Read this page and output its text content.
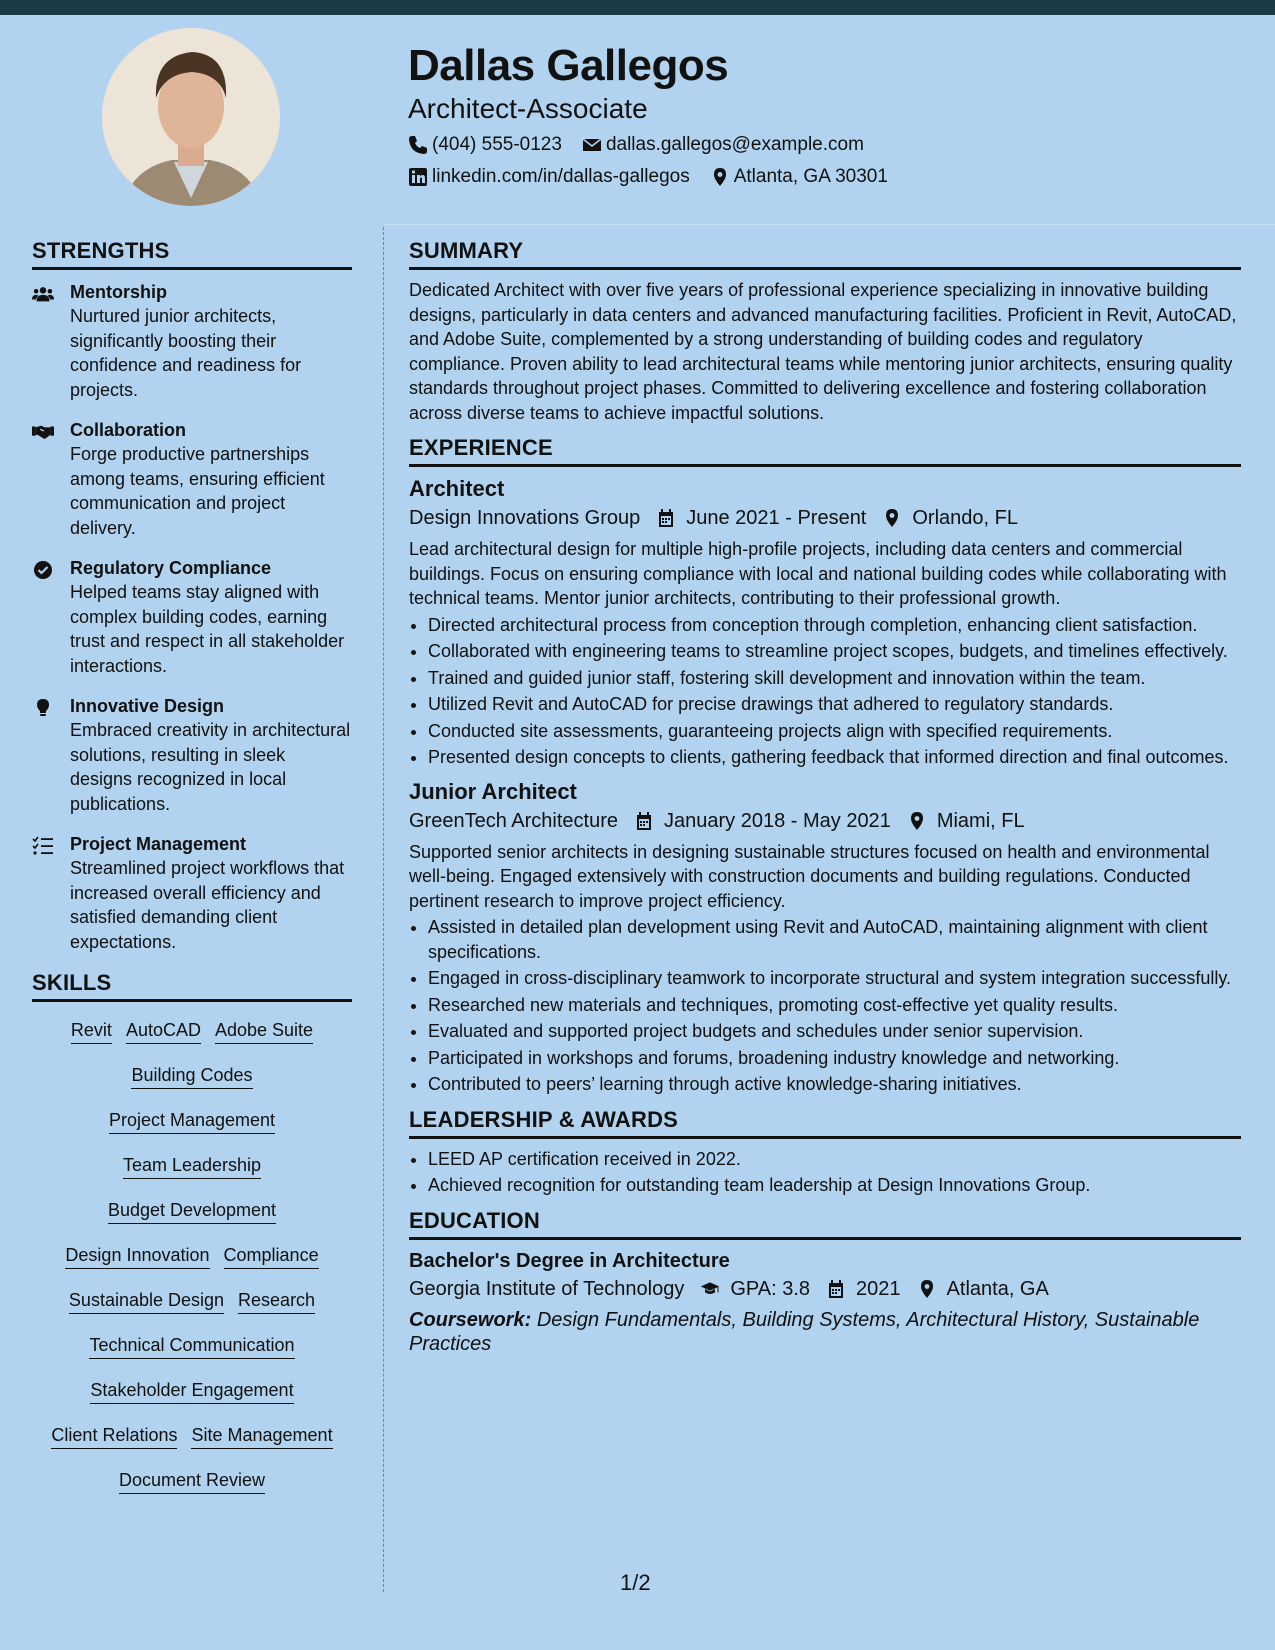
Dallas Gallegos
Architect-Associate
(404) 555-0123 dallas.gallegos@example.com
linkedin.com/in/dallas-gallegos Atlanta, GA 30301
STRENGTHS
Mentorship
Nurtured junior architects, significantly boosting their confidence and readiness for projects.
Collaboration
Forge productive partnerships among teams, ensuring efficient communication and project delivery.
Regulatory Compliance
Helped teams stay aligned with complex building codes, earning trust and respect in all stakeholder interactions.
Innovative Design
Embraced creativity in architectural solutions, resulting in sleek designs recognized in local publications.
Project Management
Streamlined project workflows that increased overall efficiency and satisfied demanding client expectations.
SKILLS
Revit AutoCAD Adobe Suite
Building Codes
Project Management
Team Leadership
Budget Development
Design Innovation Compliance
Sustainable Design Research
Technical Communication
Stakeholder Engagement
Client Relations Site Management
Document Review
SUMMARY

Dedicated Architect with over five years of professional experience specializing in innovative building designs, particularly in data centers and advanced manufacturing facilities. Proficient in Revit, AutoCAD, and Adobe Suite, complemented by a strong understanding of building codes and regulatory compliance. Proven ability to lead architectural teams while mentoring junior architects, ensuring quality standards throughout project phases. Committed to delivering excellence and fostering collaboration across diverse teams to achieve impactful solutions.

EXPERIENCE
Architect
Design Innovations Group June 2021 - Present Orlando, FL

Lead architectural design for multiple high-profile projects, including data centers and commercial buildings. Focus on ensuring compliance with local and national building codes while collaborating with technical teams. Mentor junior architects, contributing to their professional growth.

• Directed architectural process from conception through completion, enhancing client satisfaction.
• Collaborated with engineering teams to streamline project scopes, budgets, and timelines effectively.
• Trained and guided junior staff, fostering skill development and innovation within the team.
• Utilized Revit and AutoCAD for precise drawings that adhered to regulatory standards.
• Conducted site assessments, guaranteeing projects align with specified requirements.
• Presented design concepts to clients, gathering feedback that informed direction and final outcomes.
Junior Architect
GreenTech Architecture January 2018 - May 2021 Miami, FL

Supported senior architects in designing sustainable structures focused on health and environmental well-being. Engaged extensively with construction documents and building regulations. Conducted pertinent research to improve project efficiency.

• Assisted in detailed plan development using Revit and AutoCAD, maintaining alignment with client specifications.
• Engaged in cross-disciplinary teamwork to incorporate structural and system integration successfully.
• Researched new materials and techniques, promoting cost-effective yet quality results.
• Evaluated and supported project budgets and schedules under senior supervision.
• Participated in workshops and forums, broadening industry knowledge and networking.
• Contributed to peers’ learning through active knowledge-sharing initiatives.
LEADERSHIP & AWARDS
• LEED AP certification received in 2022.
• Achieved recognition for outstanding team leadership at Design Innovations Group.
EDUCATION
Bachelor's Degree in Architecture
Georgia Institute of Technology GPA: 3.8 2021 Atlanta, GA
Coursework: Design Fundamentals, Building Systems, Architectural History, Sustainable Practices
1/2
